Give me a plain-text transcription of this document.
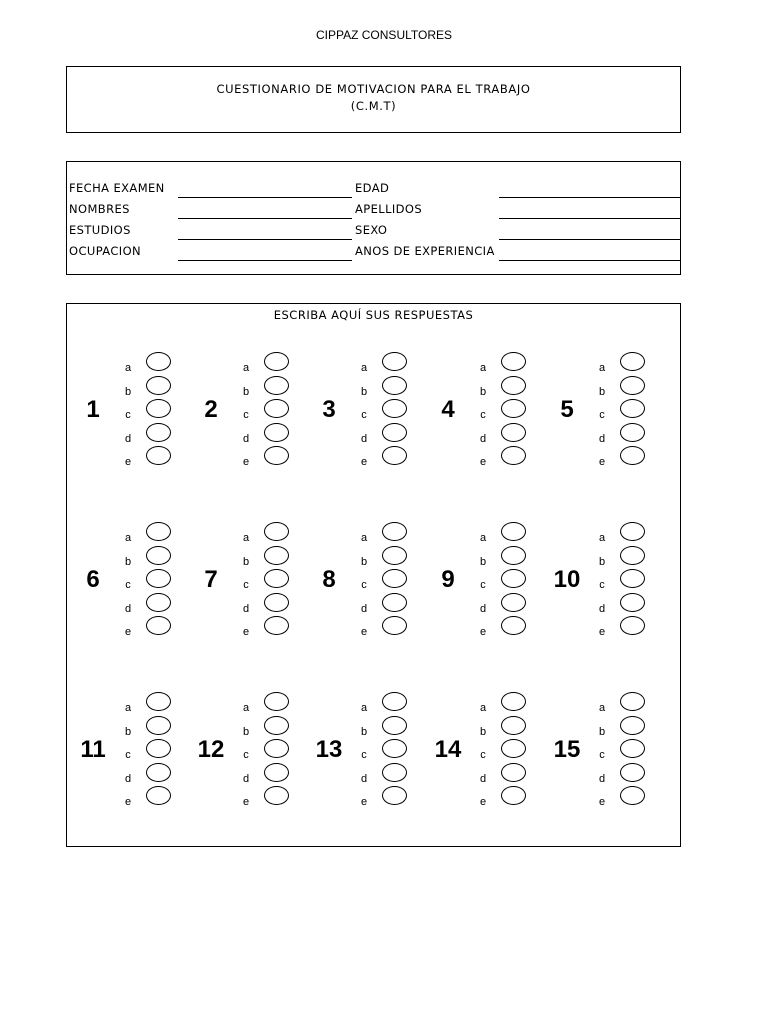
CIPPAZ CONSULTORES
CUESTIONARIO DE MOTIVACION PARA EL TRABAJO
(C.M.T)
FECHA EXAMEN	EDAD
NOMBRES	APELLIDOS
ESTUDIOS	SEXO
OCUPACION	ANOS DE EXPERIENCIA
ESCRIBA AQUÍ SUS RESPUESTAS
1
a
b
c
d
e
2
a
b
c
d
e
3
a
b
c
d
e
4
a
b
c
d
e
5
a
b
c
d
e
6
a
b
c
d
e
7
a
b
c
d
e
8
a
b
c
d
e
9
a
b
c
d
e
10
a
b
c
d
e
11
a
b
c
d
e
12
a
b
c
d
e
13
a
b
c
d
e
14
a
b
c
d
e
15
a
b
c
d
e
